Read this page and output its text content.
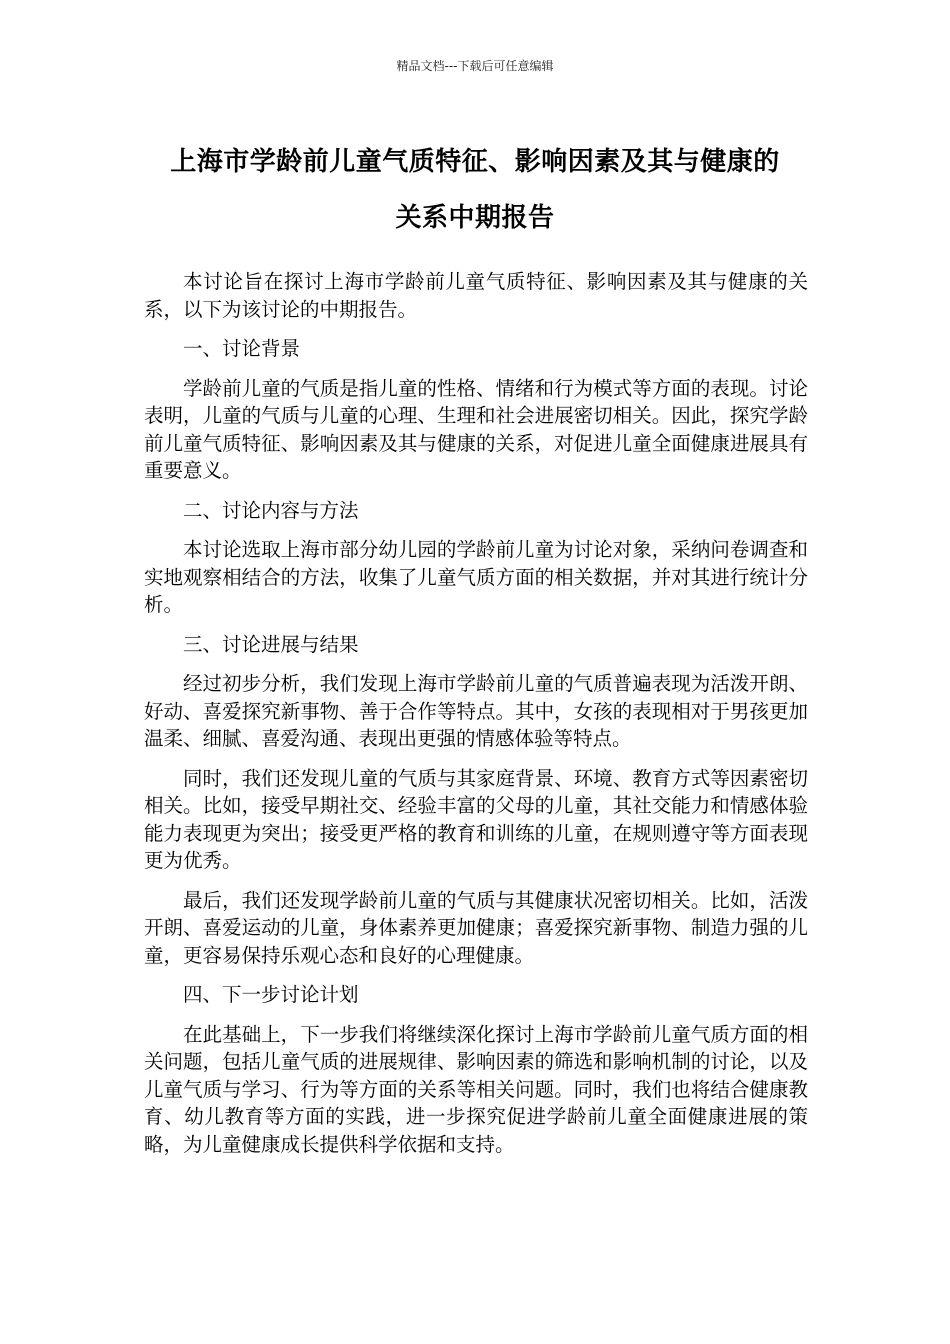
精品文档---下载后可任意编辑
上海市学龄前儿童气质特征、影响因素及其与健康的
关系中期报告

本讨论旨在探讨上海市学龄前儿童气质特征、影响因素及其与健康的关系，以下为该讨论的中期报告。

一、讨论背景

学龄前儿童的气质是指儿童的性格、情绪和行为模式等方面的表现。讨论表明，儿童的气质与儿童的心理、生理和社会进展密切相关。因此，探究学龄前儿童气质特征、影响因素及其与健康的关系，对促进儿童全面健康进展具有重要意义。

二、讨论内容与方法

本讨论选取上海市部分幼儿园的学龄前儿童为讨论对象，采纳问卷调查和实地观察相结合的方法，收集了儿童气质方面的相关数据，并对其进行统计分析。

三、讨论进展与结果

经过初步分析，我们发现上海市学龄前儿童的气质普遍表现为活泼开朗、好动、喜爱探究新事物、善于合作等特点。其中，女孩的表现相对于男孩更加温柔、细腻、喜爱沟通、表现出更强的情感体验等特点。

同时，我们还发现儿童的气质与其家庭背景、环境、教育方式等因素密切相关。比如，接受早期社交、经验丰富的父母的儿童，其社交能力和情感体验能力表现更为突出；接受更严格的教育和训练的儿童，在规则遵守等方面表现更为优秀。

最后，我们还发现学龄前儿童的气质与其健康状况密切相关。比如，活泼开朗、喜爱运动的儿童，身体素养更加健康；喜爱探究新事物、制造力强的儿童，更容易保持乐观心态和良好的心理健康。

四、下一步讨论计划

在此基础上，下一步我们将继续深化探讨上海市学龄前儿童气质方面的相关问题，包括儿童气质的进展规律、影响因素的筛选和影响机制的讨论，以及儿童气质与学习、行为等方面的关系等相关问题。同时，我们也将结合健康教育、幼儿教育等方面的实践，进一步探究促进学龄前儿童全面健康进展的策略，为儿童健康成长提供科学依据和支持。
